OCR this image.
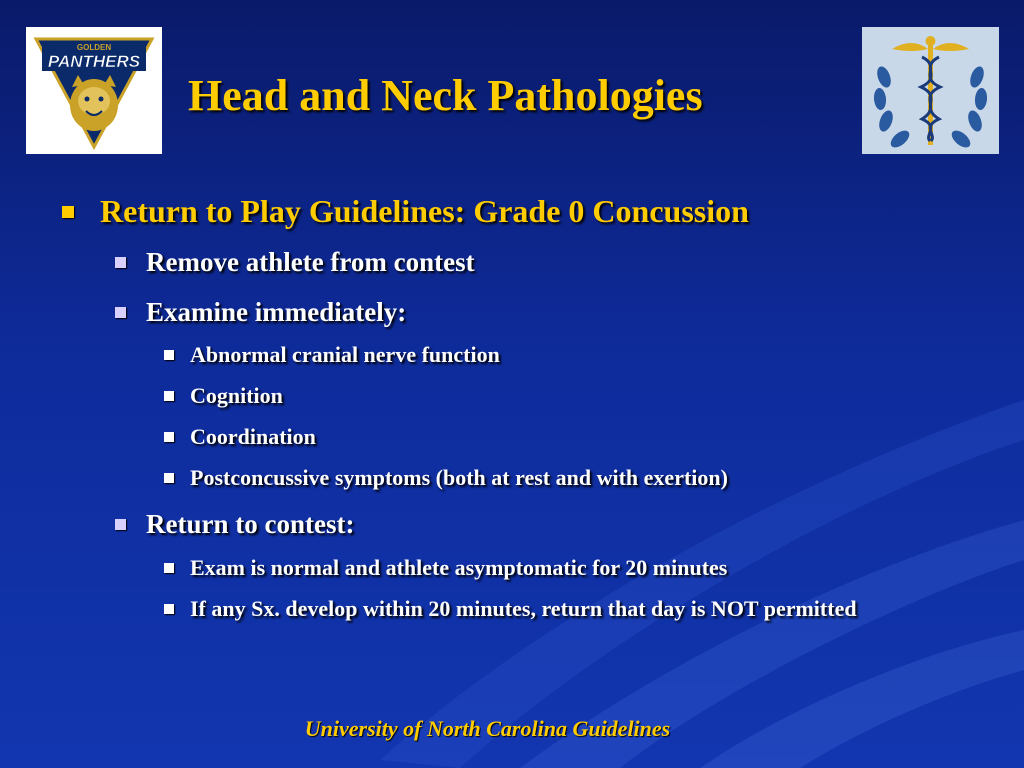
GOLDEN
PANTHERS
Head and Neck Pathologies
Return to Play Guidelines: Grade 0 Concussion
Remove athlete from contest
Examine immediately:
Abnormal cranial nerve function
Cognition
Coordination
Postconcussive symptoms (both at rest and with exertion)
Return to contest:
Exam is normal and athlete asymptomatic for 20 minutes
If any Sx. develop within 20 minutes, return that day is NOT permitted
University of North Carolina Guidelines
